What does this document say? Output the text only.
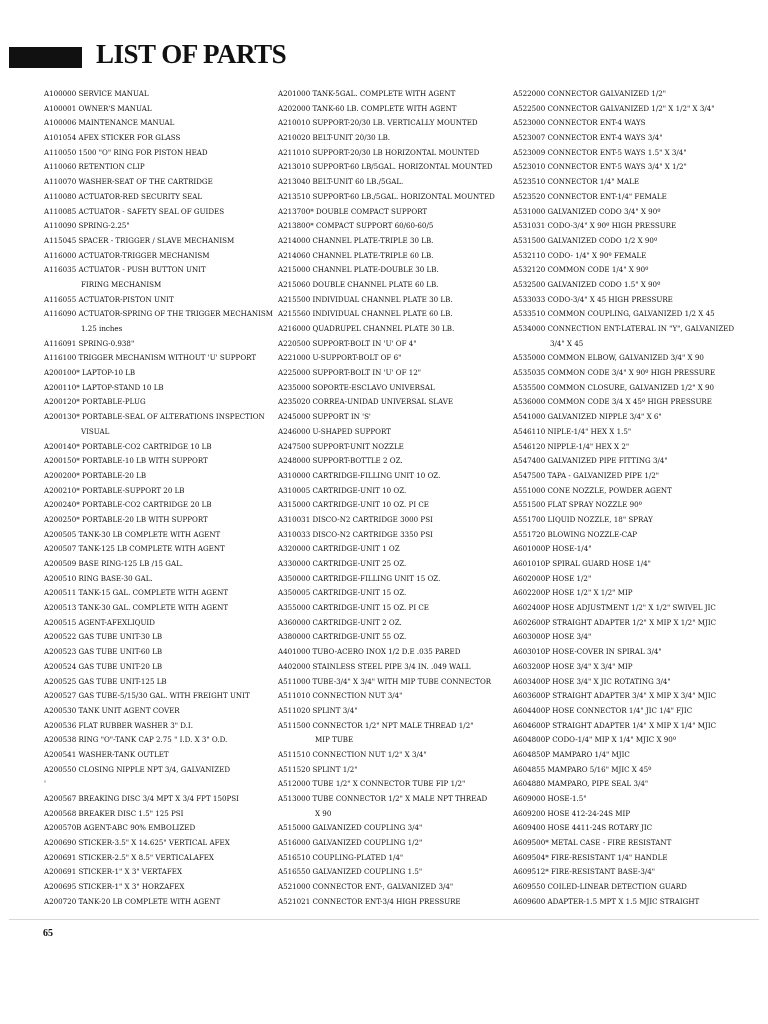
LIST OF PARTS
A100000 SERVICE MANUAL
A100001 OWNER'S MANUAL
A100006 MAINTENANCE MANUAL
A101054 AFEX STICKER FOR GLASS
A110050 1500 "O" RING FOR PISTON HEAD
A110060 RETENTION CLIP
A110070 WASHER-SEAT OF THE CARTRIDGE
A110080 ACTUATOR-RED SECURITY SEAL
A110085 ACTUATOR - SAFETY SEAL OF GUIDES
A110090 SPRING-2.25"
A115045 SPACER - TRIGGER / SLAVE MECHANISM
A116000 ACTUATOR-TRIGGER MECHANISM
A116035 ACTUATOR - PUSH BUTTON UNIT
FIRING MECHANISM
A116055 ACTUATOR-PISTON UNIT
A116090 ACTUATOR-SPRING OF THE TRIGGER MECHANISM
1.25 inches
A116091 SPRING-0.938"
A116100 TRIGGER MECHANISM WITHOUT 'U' SUPPORT
A200100* LAPTOP-10 LB
A200110* LAPTOP-STAND 10 LB
A200120* PORTABLE-PLUG
A200130* PORTABLE-SEAL OF ALTERATIONS INSPECTION
VISUAL
A200140* PORTABLE-CO2 CARTRIDGE 10 LB
A200150* PORTABLE-10 LB WITH SUPPORT
A200200* PORTABLE-20 LB
A200210* PORTABLE-SUPPORT 20 LB
A200240* PORTABLE-CO2 CARTRIDGE 20 LB
A200250* PORTABLE-20 LB WITH SUPPORT
A200505 TANK-30 LB COMPLETE WITH AGENT
A200507 TANK-125 LB COMPLETE WITH AGENT
A200509 BASE RING-125 LB /15 GAL.
A200510 RING BASE-30 GAL.
A200511 TANK-15 GAL. COMPLETE WITH AGENT
A200513 TANK-30 GAL. COMPLETE WITH AGENT
A200515 AGENT-AFEXLIQUID
A200522 GAS TUBE UNIT-30 LB
A200523 GAS TUBE UNIT-60 LB
A200524 GAS TUBE UNIT-20 LB
A200525 GAS TUBE UNIT-125 LB
A200527 GAS TUBE-5/15/30 GAL. WITH FREIGHT UNIT
A200530 TANK UNIT AGENT COVER
A200536 FLAT RUBBER WASHER 3" D.I.
A200538 RING "O"-TANK CAP 2.75 " I.D. X 3" O.D.
A200541 WASHER-TANK OUTLET
A200550 CLOSING NIPPLE NPT 3/4, GALVANIZED
'
A200567 BREAKING DISC 3/4 MPT X 3/4 FPT 150PSI
A200568 BREAKER DISC 1.5" 125 PSI
A200570B AGENT-ABC 90% EMBOLIZED
A200690 STICKER-3.5" X 14.625" VERTICAL AFEX
A200691 STICKER-2.5" X 8.5" VERTICALAFEX
A200691 STICKER-1" X 3" VERTAFEX
A200695 STICKER-1" X 3" HORZAFEX
A200720 TANK-20 LB COMPLETE WITH AGENT
A201000 TANK-5GAL. COMPLETE WITH AGENT
A202000 TANK-60 LB. COMPLETE WITH AGENT
A210010 SUPPORT-20/30 LB. VERTICALLY MOUNTED
A210020 BELT-UNIT 20/30 LB.
A211010 SUPPORT-20/30 LB HORIZONTAL MOUNTED
A213010 SUPPORT-60 LB/5GAL. HORIZONTAL MOUNTED
A213040 BELT-UNIT 60 LB./5GAL.
A213510 SUPPORT-60 LB./5GAL. HORIZONTAL MOUNTED
A213700* DOUBLE COMPACT SUPPORT
A213800* COMPACT SUPPORT 60/60-60/5
A214000 CHANNEL PLATE-TRIPLE 30 LB.
A214060 CHANNEL PLATE-TRIPLE 60 LB.
A215000 CHANNEL PLATE-DOUBLE 30 LB.
A215060 DOUBLE CHANNEL PLATE 60 LB.
A215500 INDIVIDUAL CHANNEL PLATE 30 LB.
A215560 INDIVIDUAL CHANNEL PLATE 60 LB.
A216000 QUADRUPEL CHANNEL PLATE 30 LB.
A220500 SUPPORT-BOLT IN 'U' OF 4"
A221000 U-SUPPORT-BOLT OF 6"
A225000 SUPPORT-BOLT IN 'U' OF 12"
A235000 SOPORTE-ESCLAVO UNIVERSAL
A235020 CORREA-UNIDAD UNIVERSAL SLAVE
A245000 SUPPORT IN 'S'
A246000 U-SHAPED SUPPORT
A247500 SUPPORT-UNIT NOZZLE
A248000 SUPPORT-BOTTLE 2 OZ.
A310000 CARTRIDGE-FILLING UNIT 10 OZ.
A310005 CARTRIDGE-UNIT 10 OZ.
A315000 CARTRIDGE-UNIT 10 OZ. PI CE
A310031 DISCO-N2 CARTRIDGE 3000 PSI
A310033 DISCO-N2 CARTRIDGE 3350 PSI
A320000 CARTRIDGE-UNIT 1 OZ
A330000 CARTRIDGE-UNIT 25 OZ.
A350000 CARTRIDGE-FILLING UNIT 15 OZ.
A350005 CARTRIDGE-UNIT 15 OZ.
A355000 CARTRIDGE-UNIT 15 OZ. PI CE
A360000 CARTRIDGE-UNIT 2 OZ.
A380000 CARTRIDGE-UNIT 55 OZ.
A401000 TUBO-ACERO INOX 1/2 D.E .035 PARED
A402000 STAINLESS STEEL PIPE 3/4 IN. .049 WALL
A511000 TUBE-3/4" X 3/4" WITH MIP TUBE CONNECTOR
A511010 CONNECTION NUT 3/4"
A511020 SPLINT 3/4"
A511500 CONNECTOR 1/2" NPT MALE THREAD 1/2"
MIP TUBE
A511510 CONNECTION NUT 1/2" X 3/4"
A511520 SPLINT 1/2"
A512000 TUBE 1/2" X CONNECTOR TUBE FIP 1/2"
A513000 TUBE CONNECTOR 1/2" X MALE NPT THREAD
X 90
A515000 GALVANIZED COUPLING 3/4"
A516000 GALVANIZED COUPLING 1/2"
A516510 COUPLING-PLATED 1/4"
A516550 GALVANIZED COUPLING 1.5"
A521000 CONNECTOR ENT-, GALVANIZED 3/4"
A521021 CONNECTOR ENT-3/4 HIGH PRESSURE
A522000 CONNECTOR GALVANIZED 1/2"
A522500 CONNECTOR GALVANIZED 1/2" X 1/2" X 3/4"
A523000 CONNECTOR ENT-4 WAYS
A523007 CONNECTOR ENT-4 WAYS 3/4"
A523009 CONNECTOR ENT-5 WAYS 1.5" X 3/4"
A523010 CONNECTOR ENT-5 WAYS 3/4" X 1/2"
A523510 CONNECTOR 1/4" MALE
A523520 CONNECTOR ENT-1/4" FEMALE
A531000 GALVANIZED CODO 3/4" X 90º
A531031 CODO-3/4" X 90º HIGH PRESSURE
A531500 GALVANIZED CODO 1/2 X 90º
A532110 CODO- 1/4" X 90º FEMALE
A532120 COMMON CODE 1/4" X 90º
A532500 GALVANIZED CODO 1.5" X 90º
A533033 CODO-3/4" X 45 HIGH PRESSURE
A533510 COMMON COUPLING, GALVANIZED 1/2 X 45
A534000 CONNECTION ENT-LATERAL IN "Y", GALVANIZED
3/4" X 45
A535000 COMMON ELBOW, GALVANIZED 3/4" X 90
A535035 COMMON CODE 3/4" X 90º HIGH PRESSURE
A535500 COMMON CLOSURE, GALVANIZED 1/2" X 90
A536000 COMMON CODE 3/4 X 45º HIGH PRESSURE
A541000 GALVANIZED NIPPLE 3/4" X 6"
A546110 NIPLE-1/4" HEX X 1.5"
A546120 NIPPLE-1/4" HEX X 2"
A547400 GALVANIZED PIPE FITTING 3/4"
A547500 TAPA - GALVANIZED PIPE 1/2"
A551000 CONE NOZZLE, POWDER AGENT
A551500 FLAT SPRAY NOZZLE 90º
A551700 LIQUID NOZZLE, 18" SPRAY
A551720 BLOWING NOZZLE-CAP
A601000P HOSE-1/4"
A601010P SPIRAL GUARD HOSE 1/4"
A602000P HOSE 1/2"
A602200P HOSE 1/2" X 1/2" MIP
A602400P HOSE ADJUSTMENT 1/2" X 1/2" SWIVEL JIC
A602600P STRAIGHT ADAPTER 1/2" X MIP X 1/2" MJIC
A603000P HOSE 3/4"
A603010P HOSE-COVER IN SPIRAL 3/4"
A603200P HOSE 3/4" X 3/4" MIP
A603400P HOSE 3/4" X JIC ROTATING 3/4"
A603600P STRAIGHT ADAPTER 3/4" X MIP X 3/4" MJIC
A604400P HOSE CONNECTOR 1/4" JIC 1/4" FJIC
A604600P STRAIGHT ADAPTER 1/4" X MIP X 1/4" MJIC
A604800P CODO-1/4" MIP X 1/4" MJIC X 90º
A604850P MAMPARO 1/4" MJIC
A604855 MAMPARO 5/16" MJIC X 45º
A604880 MAMPARO, PIPE SEAL 3/4"
A609000 HOSE-1.5"
A609200 HOSE 412-24-24S MIP
A609400 HOSE 4411-24S ROTARY JIC
A609500* METAL CASE - FIRE RESISTANT
A609504* FIRE-RESISTANT 1/4" HANDLE
A609512* FIRE-RESISTANT BASE-3/4"
A609550 COILED-LINEAR DETECTION GUARD
A609600 ADAPTER-1.5 MPT X 1.5 MJIC STRAIGHT
65
